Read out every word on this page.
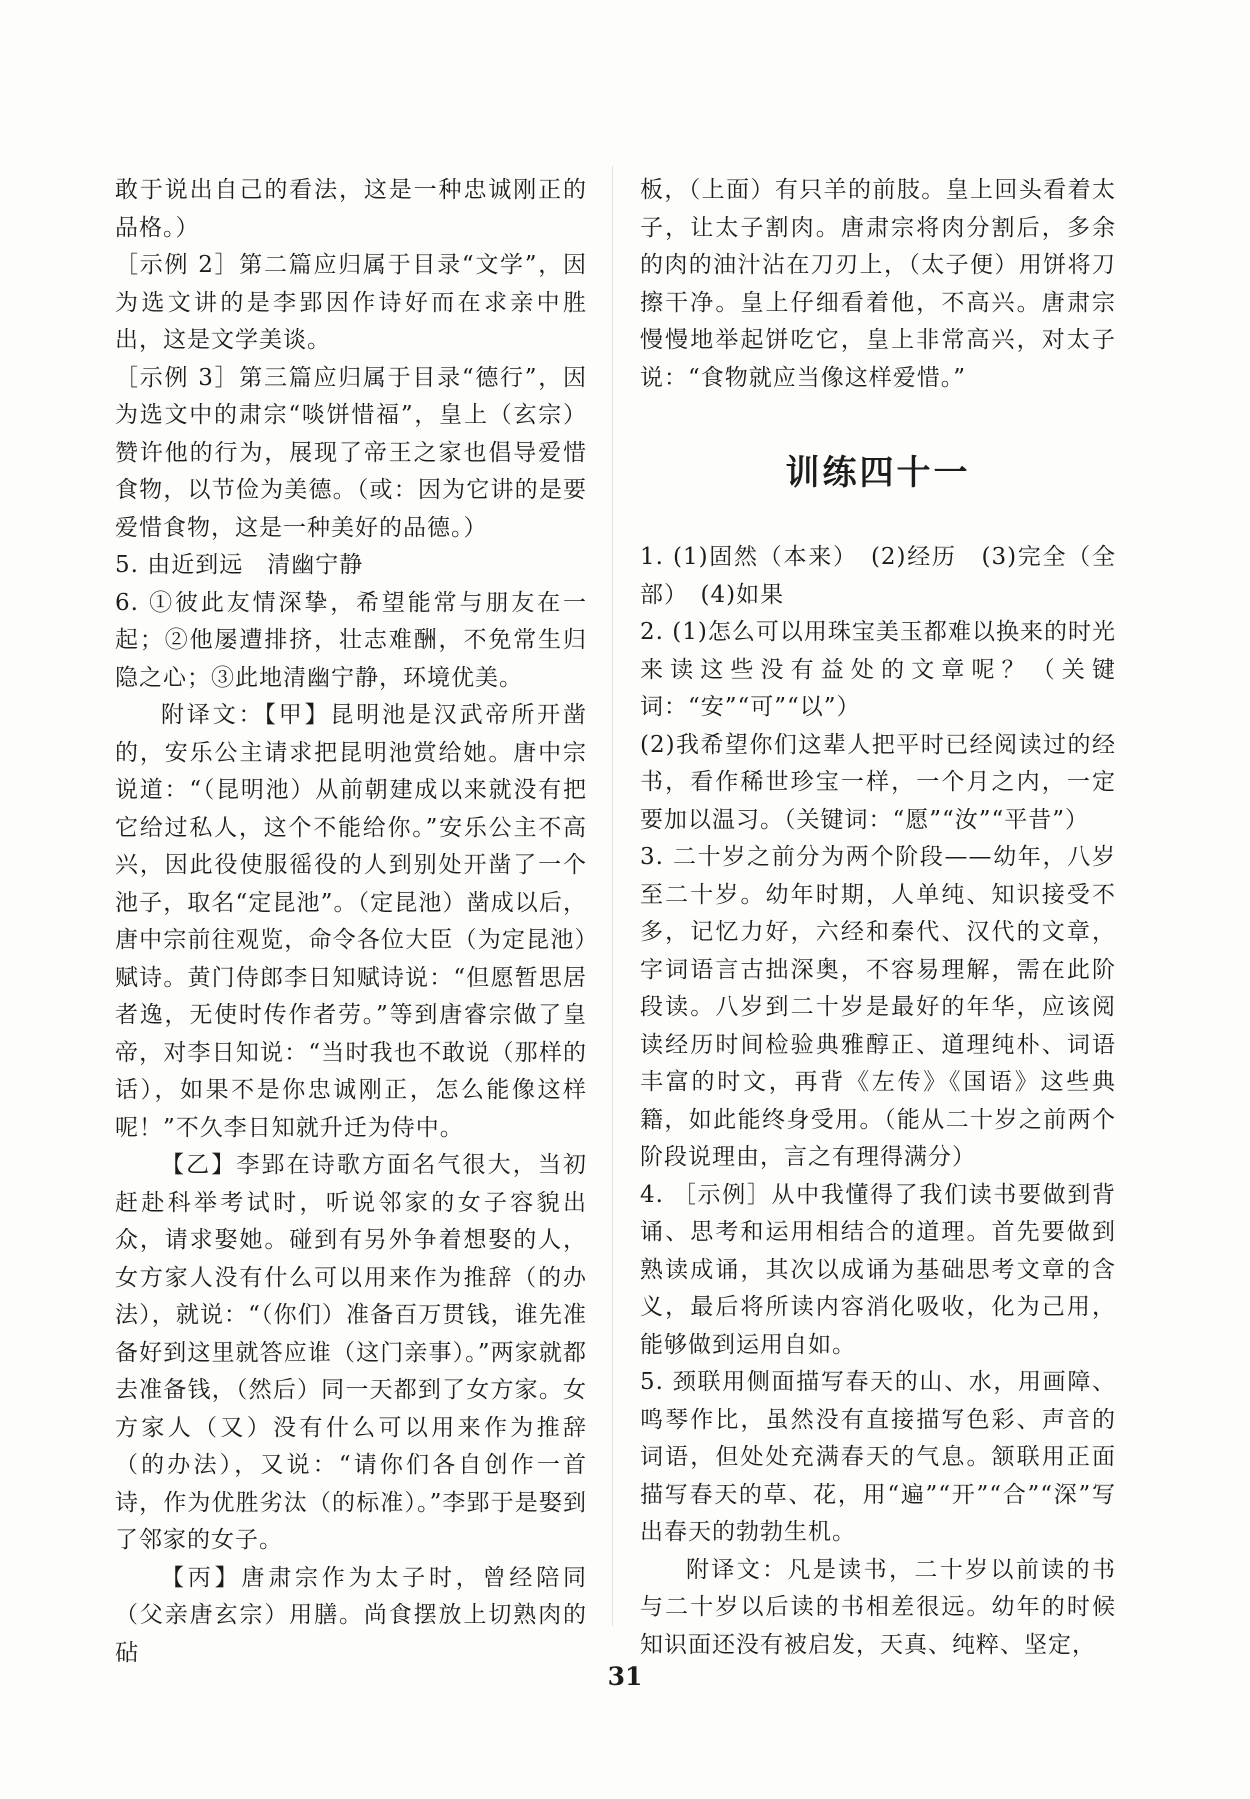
敢于说出自己的看法，这是一种忠诚刚正的品格。）

［示例 2］第二篇应归属于目录“文学”，因为选文讲的是李郢因作诗好而在求亲中胜出，这是文学美谈。

［示例 3］第三篇应归属于目录“德行”，因为选文中的肃宗“啖饼惜福”，皇上（玄宗）赞许他的行为，展现了帝王之家也倡导爱惜食物，以节俭为美德。（或：因为它讲的是要爱惜食物，这是一种美好的品德。）

5. 由近到远　清幽宁静

6. ①彼此友情深挚，希望能常与朋友在一起；②他屡遭排挤，壮志难酬，不免常生归隐之心；③此地清幽宁静，环境优美。

附译文：【甲】昆明池是汉武帝所开凿的，安乐公主请求把昆明池赏给她。唐中宗说道：“（昆明池）从前朝建成以来就没有把它给过私人，这个不能给你。”安乐公主不高兴，因此役使服徭役的人到别处开凿了一个池子，取名“定昆池”。（定昆池）凿成以后，唐中宗前往观览，命令各位大臣（为定昆池）赋诗。黄门侍郎李日知赋诗说：“但愿暂思居者逸，无使时传作者劳。”等到唐睿宗做了皇帝，对李日知说：“当时我也不敢说（那样的话），如果不是你忠诚刚正，怎么能像这样呢！”不久李日知就升迁为侍中。

【乙】李郢在诗歌方面名气很大，当初赶赴科举考试时，听说邻家的女子容貌出众，请求娶她。碰到有另外争着想娶的人，女方家人没有什么可以用来作为推辞（的办法），就说：“（你们）准备百万贯钱，谁先准备好到这里就答应谁（这门亲事）。”两家就都去准备钱，（然后）同一天都到了女方家。女方家人（又）没有什么可以用来作为推辞（的办法），又说：“请你们各自创作一首诗，作为优胜劣汰（的标准）。”李郢于是娶到了邻家的女子。

【丙】唐肃宗作为太子时，曾经陪同（父亲唐玄宗）用膳。尚食摆放上切熟肉的砧

板，（上面）有只羊的前肢。皇上回头看着太子，让太子割肉。唐肃宗将肉分割后，多余的肉的油汁沾在刀刃上，（太子便）用饼将刀擦干净。皇上仔细看着他，不高兴。唐肃宗慢慢地举起饼吃它，皇上非常高兴，对太子说：“食物就应当像这样爱惜。”

训练四十一

1. (1)固然（本来）　(2)经历　(3)完全（全部）　(4)如果

2. (1)怎么可以用珠宝美玉都难以换来的时光来读这些没有益处的文章呢？（关键词：“安”“可”“以”）

(2)我希望你们这辈人把平时已经阅读过的经书，看作稀世珍宝一样，一个月之内，一定要加以温习。（关键词：“愿”“汝”“平昔”）

3. 二十岁之前分为两个阶段——幼年，八岁至二十岁。幼年时期，人单纯、知识接受不多，记忆力好，六经和秦代、汉代的文章，字词语言古拙深奥，不容易理解，需在此阶段读。八岁到二十岁是最好的年华，应该阅读经历时间检验典雅醇正、道理纯朴、词语丰富的时文，再背《左传》《国语》这些典籍，如此能终身受用。（能从二十岁之前两个阶段说理由，言之有理得满分）

4. ［示例］从中我懂得了我们读书要做到背诵、思考和运用相结合的道理。首先要做到熟读成诵，其次以成诵为基础思考文章的含义，最后将所读内容消化吸收，化为己用，能够做到运用自如。

5. 颈联用侧面描写春天的山、水，用画障、鸣琴作比，虽然没有直接描写色彩、声音的词语，但处处充满春天的气息。颔联用正面描写春天的草、花，用“遍”“开”“合”“深”写出春天的勃勃生机。

附译文：凡是读书，二十岁以前读的书与二十岁以后读的书相差很远。幼年的时候知识面还没有被启发，天真、纯粹、坚定，

31
